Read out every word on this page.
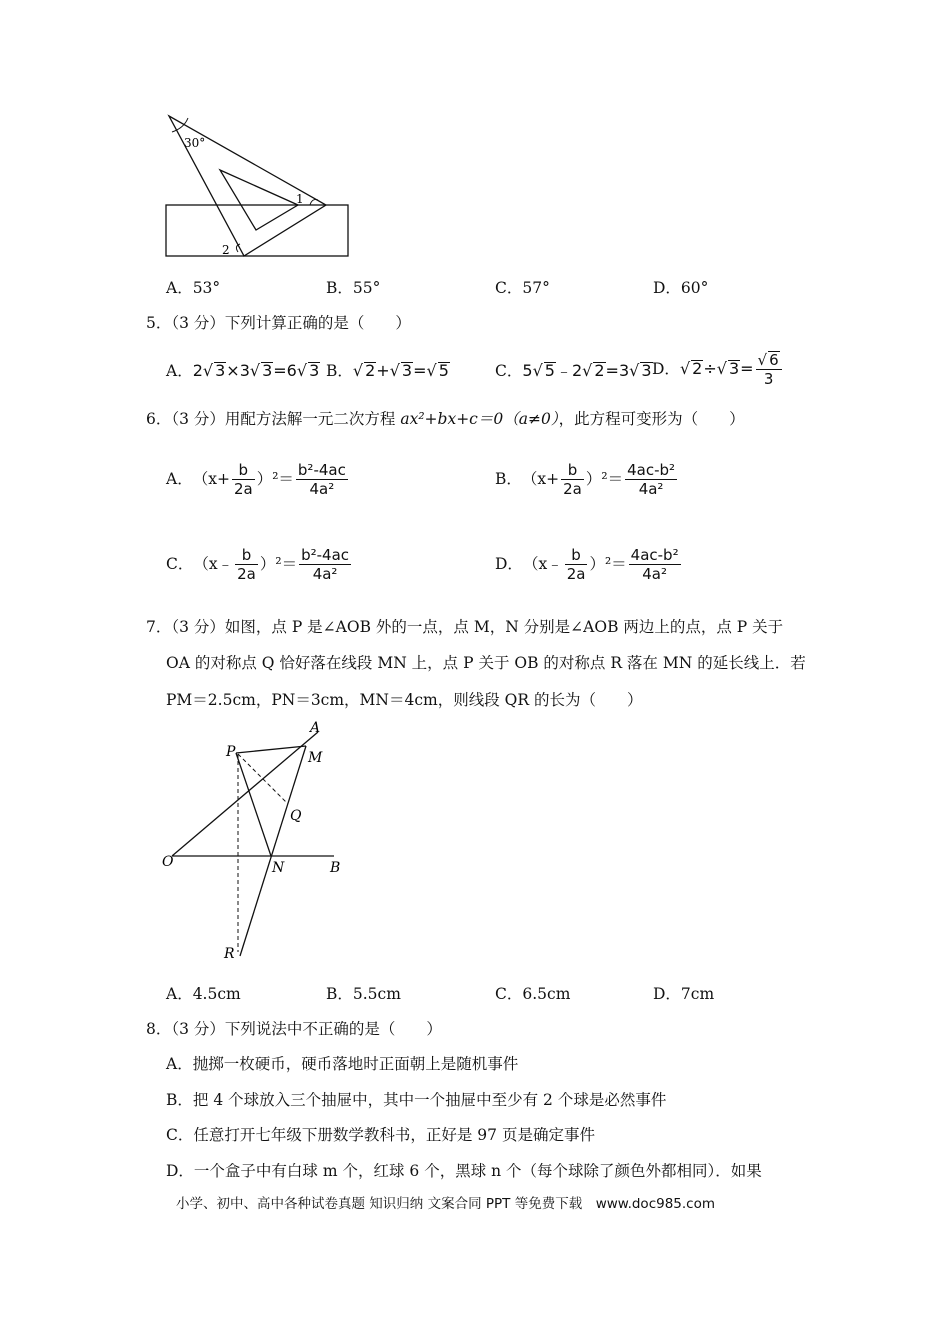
30°
1
2
A．53°	B．55°	C．57°	D．60°
5．（3 分）下列计算正确的是（　　）
A．2√ 3×3√ 3=6√ 3 B．√ 2+√ 3=√ 5	C．5√ 5﹣2√ 2=3√ 3 D． √ 2÷√ $3= \frac{√ 6}{3}$
6．（3 分）用配方法解一元二次方程 ax²+bx+c＝0（a≠0），此方程可变形为（　　）
A． $(x+ \frac{b}{2a} )^2= \frac{\text{b²-4ac}}{\text{4a²}}$	B． $(x+ \frac{b}{2a} )^2= \frac{\text{4ac-b²}}{\text{4a²}}$
C． （x﹣ $\frac{b}{2a} )^2= \frac{\text{b²-4ac}}{\text{4a²}}$	D． （x﹣ $\frac{b}{2a} )^2= \frac{\text{4ac-b²}}{\text{4a²}}$
7．（3 分）如图，点 P 是∠AOB 外的一点，点 M，N 分别是∠AOB 两边上的点，点 P 关于
OA 的对称点 Q 恰好落在线段 MN 上，点 P 关于 OB 的对称点 R 落在 MN 的延长线上．若
PM＝2.5cm，PN＝3cm，MN＝4cm，则线段 QR 的长为（　　）
A
M
P
Q
O	N	B
R
A．4.5cm	B．5.5cm	C．6.5cm	D．7cm
8．（3 分）下列说法中不正确的是（　　）
A．抛掷一枚硬币，硬币落地时正面朝上是随机事件
B．把 4 个球放入三个抽屉中，其中一个抽屉中至少有 2 个球是必然事件
C．任意打开七年级下册数学教科书，正好是 97 页是确定事件
D．一个盒子中有白球 m 个，红球 6 个，黑球 n 个（每个球除了颜色外都相同）．如果
小学、初中、高中各种试卷真题 知识归纳 文案合同 PPT 等免费下载　www.doc985.com
